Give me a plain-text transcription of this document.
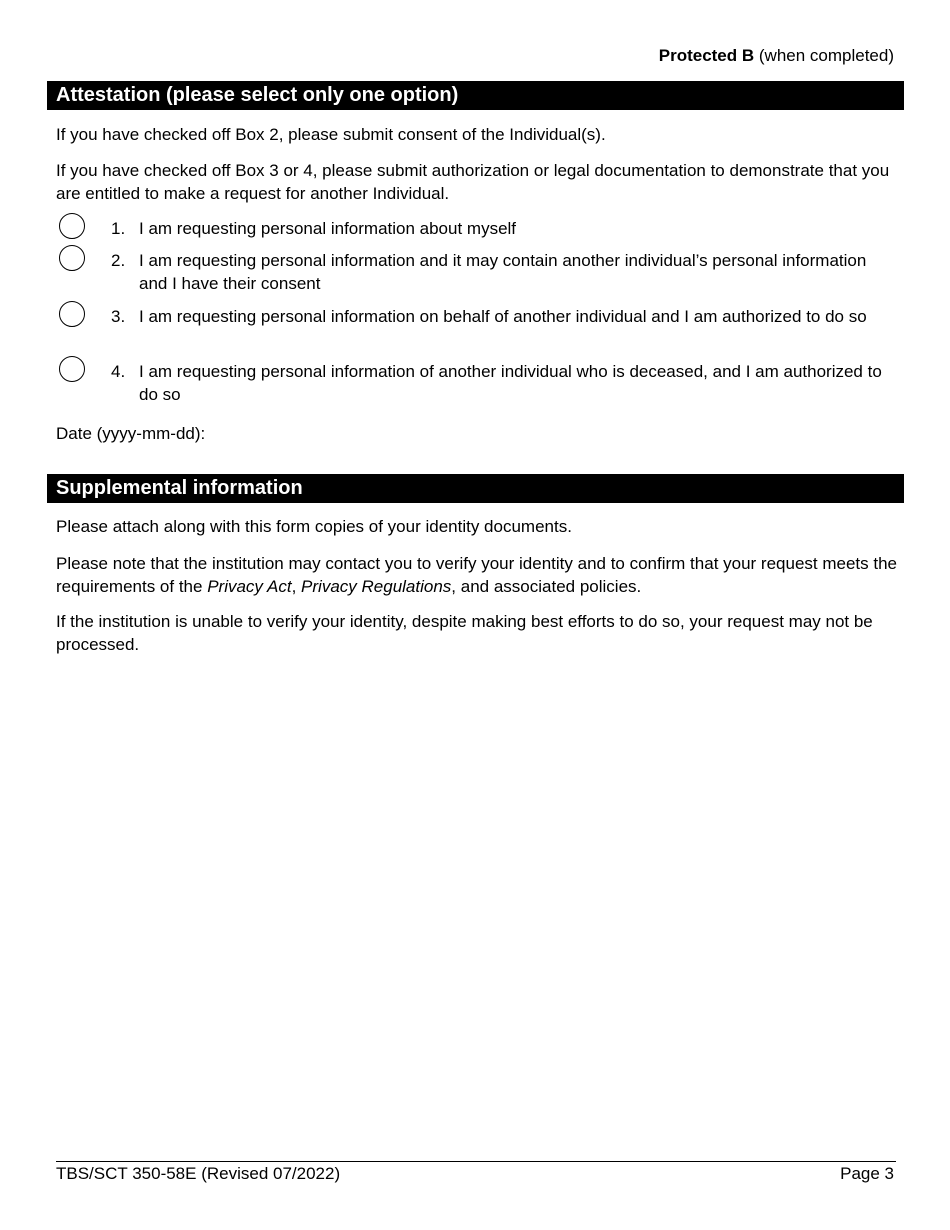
Protected B (when completed)
Attestation (please select only one option)

If you have checked off Box 2, please submit consent of the Individual(s).

If you have checked off Box 3 or 4, please submit authorization or legal documentation to demonstrate that you are entitled to make a request for another Individual.

1. I am requesting personal information about myself
2. I am requesting personal information and it may contain another individual’s personal information and I have their consent
3. I am requesting personal information on behalf of another individual and I am authorized to do so
4. I am requesting personal information of another individual who is deceased, and I am authorized to do so

Date (yyyy-mm-dd):

Supplemental information

Please attach along with this form copies of your identity documents.

Please note that the institution may contact you to verify your identity and to confirm that your request meets the requirements of the Privacy Act, Privacy Regulations, and associated policies.

If the institution is unable to verify your identity, despite making best efforts to do so, your request may not be processed.

TBS/SCT 350-58E (Revised 07/2022)	Page 3
